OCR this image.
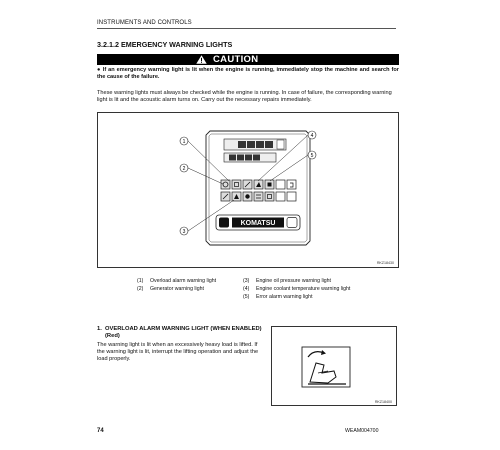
INSTRUMENTS AND CONTROLS
3.2.1.2 EMERGENCY WARNING LIGHTS
CAUTION
● If an emergency warning light is lit when the engine is running, immediately stop the machine and search for the cause of the failure.
These warning lights must always be checked while the engine is running. In case of failure, the corresponding warning light is lit and the acoustic alarm turns on. Carry out the necessary repairs immediately.
KOMATSU
1
2
3
4
5
RKZ18430
(1) Overload alarm warning light
(2) Generator warning light
(3) Engine oil pressure warning light
(4) Engine coolant temperature warning light
(5) Error alarm warning light
1. OVERLOAD ALARM WARNING LIGHT (WHEN ENABLED)
(Red)
The warning light is lit when an excessively heavy load is lifted. If the warning light is lit, interrupt the lifting operation and adjust the load properly.
RKZ18400
74	WEAM004700
